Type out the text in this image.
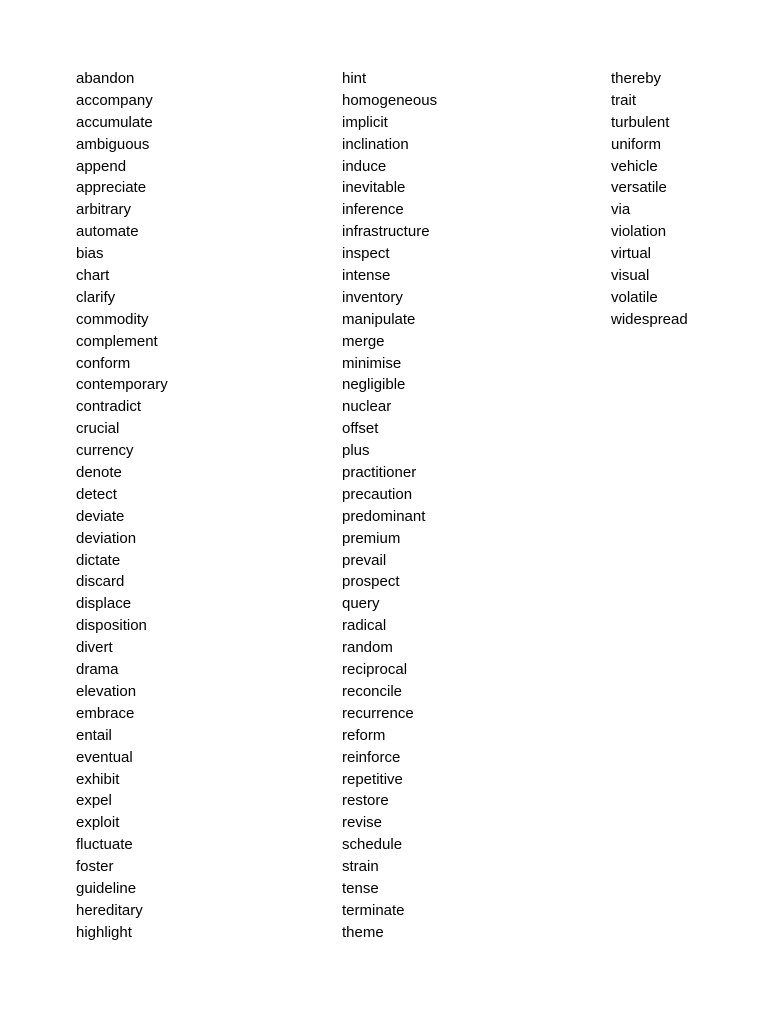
abandon
accompany
accumulate
ambiguous
append
appreciate
arbitrary
automate
bias
chart
clarify
commodity
complement
conform
contemporary
contradict
crucial
currency
denote
detect
deviate
deviation
dictate
discard
displace
disposition
divert
drama
elevation
embrace
entail
eventual
exhibit
expel
exploit
fluctuate
foster
guideline
hereditary
highlight
hint
homogeneous
implicit
inclination
induce
inevitable
inference
infrastructure
inspect
intense
inventory
manipulate
merge
minimise
negligible
nuclear
offset
plus
practitioner
precaution
predominant
premium
prevail
prospect
query
radical
random
reciprocal
reconcile
recurrence
reform
reinforce
repetitive
restore
revise
schedule
strain
tense
terminate
theme
thereby
trait
turbulent
uniform
vehicle
versatile
via
violation
virtual
visual
volatile
widespread
